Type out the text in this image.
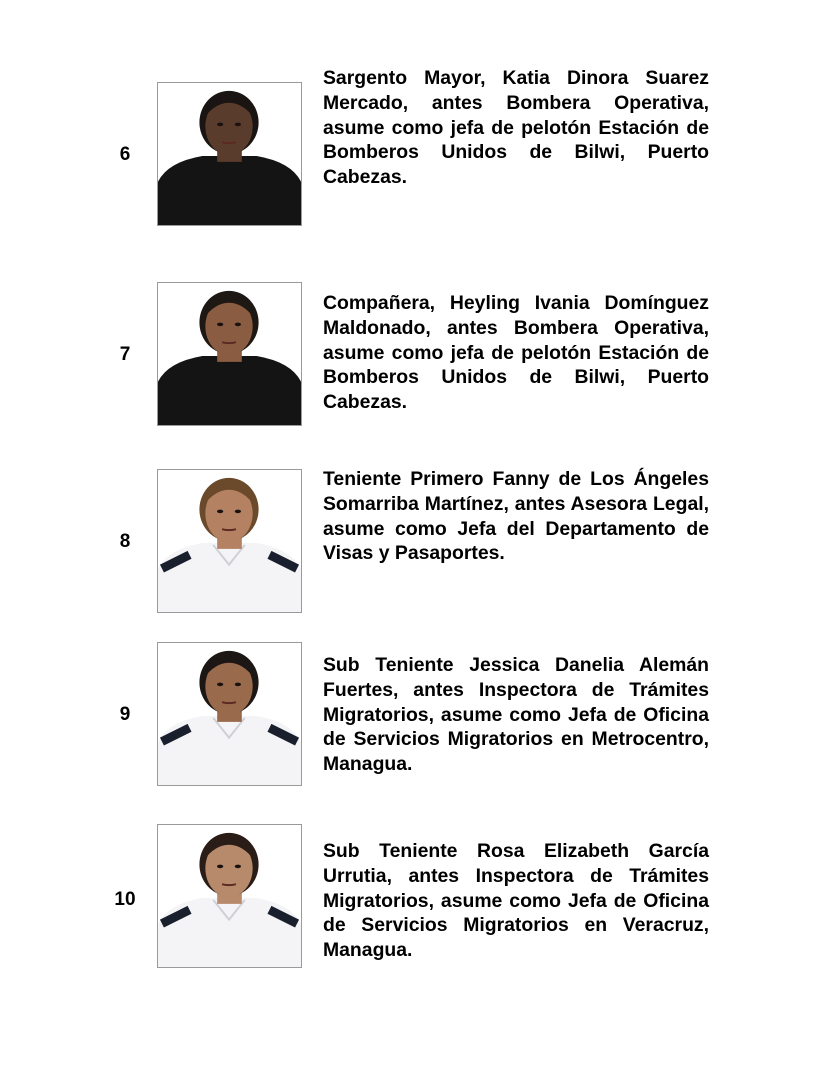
6

Sargento Mayor, Katia Dinora Suarez Mercado, antes Bombera Operativa, asume como jefa de pelotón Estación de Bomberos Unidos de Bilwi, Puerto Cabezas.

7

Compañera, Heyling Ivania Domínguez Maldonado, antes Bombera Operativa, asume como jefa de pelotón Estación de Bomberos Unidos de Bilwi, Puerto Cabezas.

8

Teniente Primero Fanny de Los Ángeles Somarriba Martínez, antes Asesora Legal, asume como Jefa del Departamento de Visas y Pasaportes.

9

Sub Teniente Jessica Danelia Alemán Fuertes, antes Inspectora de Trámites Migratorios, asume como Jefa de Oficina de Servicios Migratorios en Metrocentro, Managua.

10

Sub Teniente Rosa Elizabeth García Urrutia, antes Inspectora de Trámites Migratorios, asume como Jefa de Oficina de Servicios Migratorios en Veracruz, Managua.
